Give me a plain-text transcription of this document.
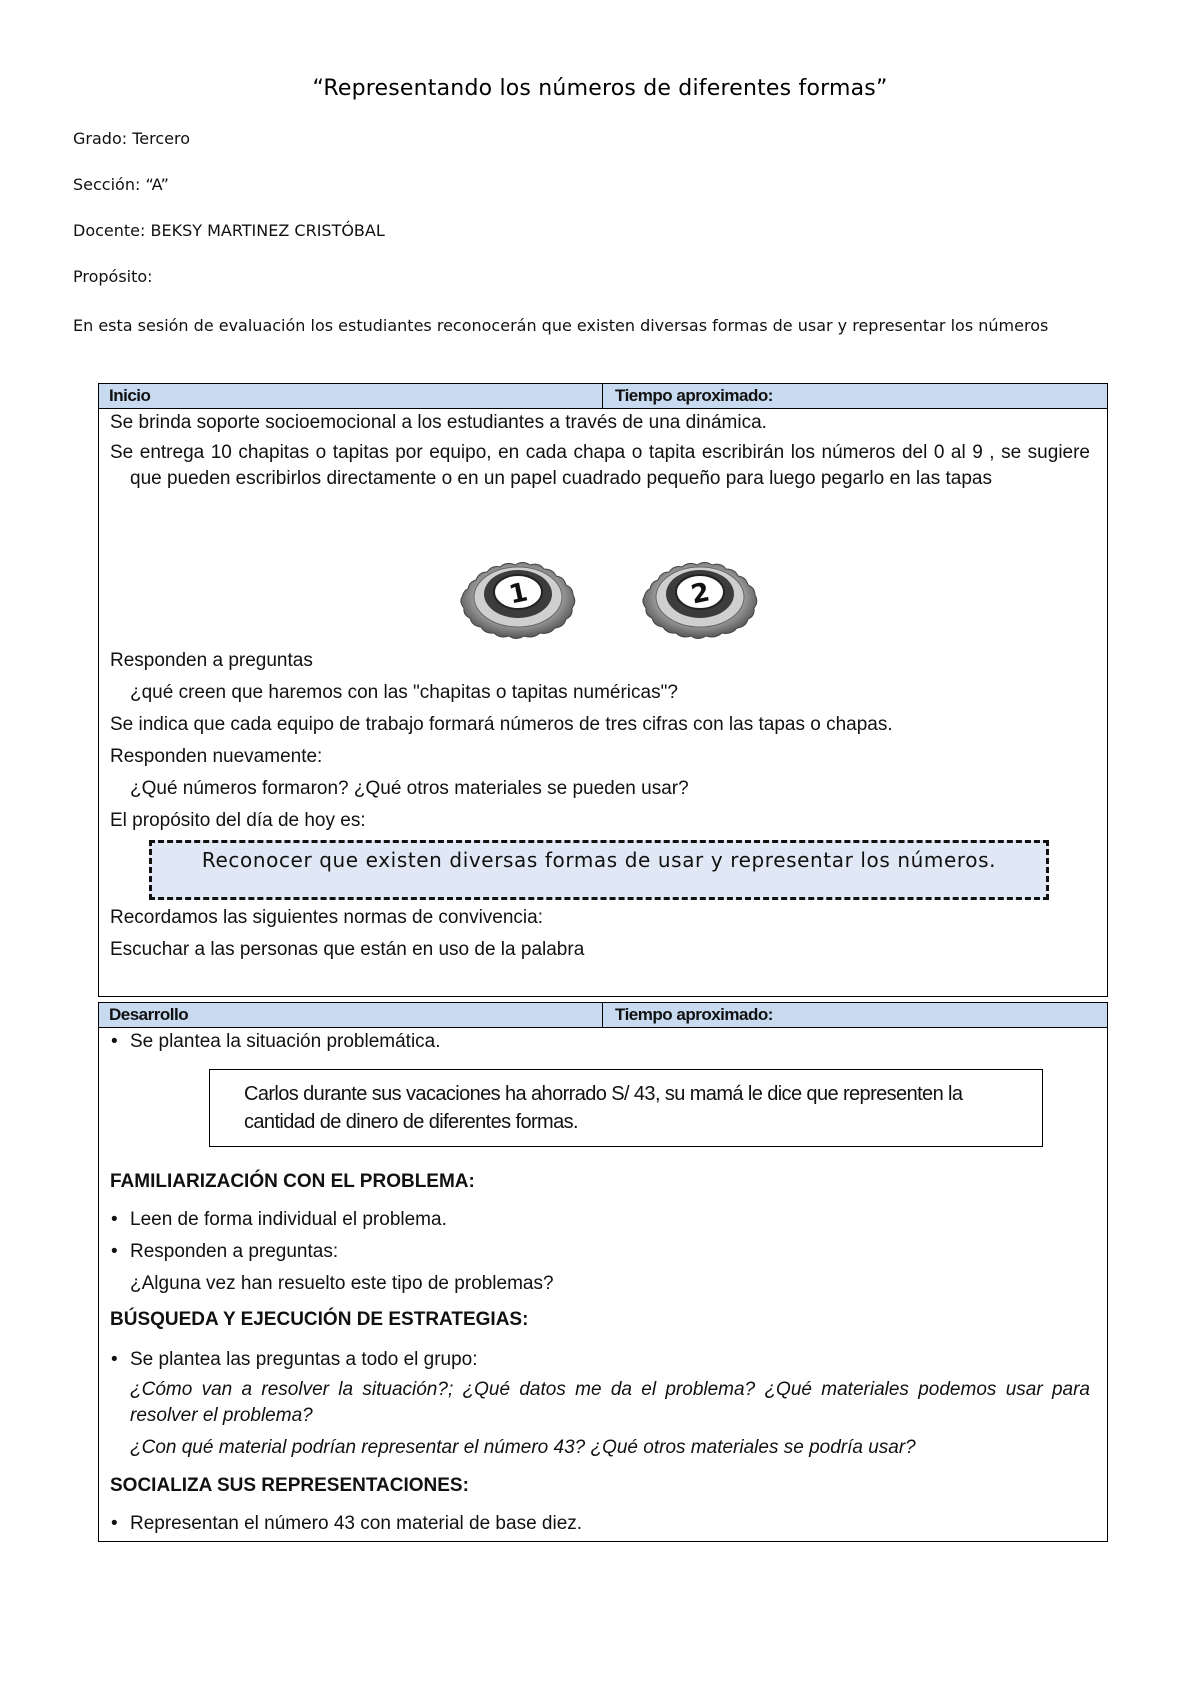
“Representando los números de diferentes formas”
Grado: Tercero
Sección: “A”
Docente: BEKSY MARTINEZ CRISTÓBAL
Propósito:
En esta sesión de evaluación los estudiantes reconocerán que existen diversas formas de usar y representar los números
Inicio	Tiempo aproximado:
Se brinda soporte socioemocional a los estudiantes a través de una dinámica.
Se entrega 10 chapitas o tapitas por equipo, en cada chapa o tapita escribirán los números del 0 al 9 , se sugiere que pueden escribirlos directamente o en un papel cuadrado pequeño para luego pegarlo en las tapas
1	2
Responden a preguntas
¿qué creen que haremos con las "chapitas o tapitas numéricas"?
Se indica que cada equipo de trabajo formará números de tres cifras con las tapas o chapas.
Responden nuevamente:
¿Qué números formaron? ¿Qué otros materiales se pueden usar?
El propósito del día de hoy es:
Reconocer que existen diversas formas de usar y representar los números.
Recordamos las siguientes normas de convivencia:
Escuchar a las personas que están en uso de la palabra
Desarrollo	Tiempo aproximado:
• Se plantea la situación problemática.
Carlos durante sus vacaciones ha ahorrado S/ 43, su mamá le dice que representen la cantidad de dinero de diferentes formas.
FAMILIARIZACIÓN CON EL PROBLEMA:
• Leen de forma individual el problema.
• Responden a preguntas:
¿Alguna vez han resuelto este tipo de problemas?
BÚSQUEDA Y EJECUCIÓN DE ESTRATEGIAS:
• Se plantea las preguntas a todo el grupo:
¿Cómo van a resolver la situación?; ¿Qué datos me da el problema? ¿Qué materiales podemos usar para resolver el problema?
¿Con qué material podrían representar el número 43? ¿Qué otros materiales se podría usar?
SOCIALIZA SUS REPRESENTACIONES:
• Representan el número 43 con material de base diez.
